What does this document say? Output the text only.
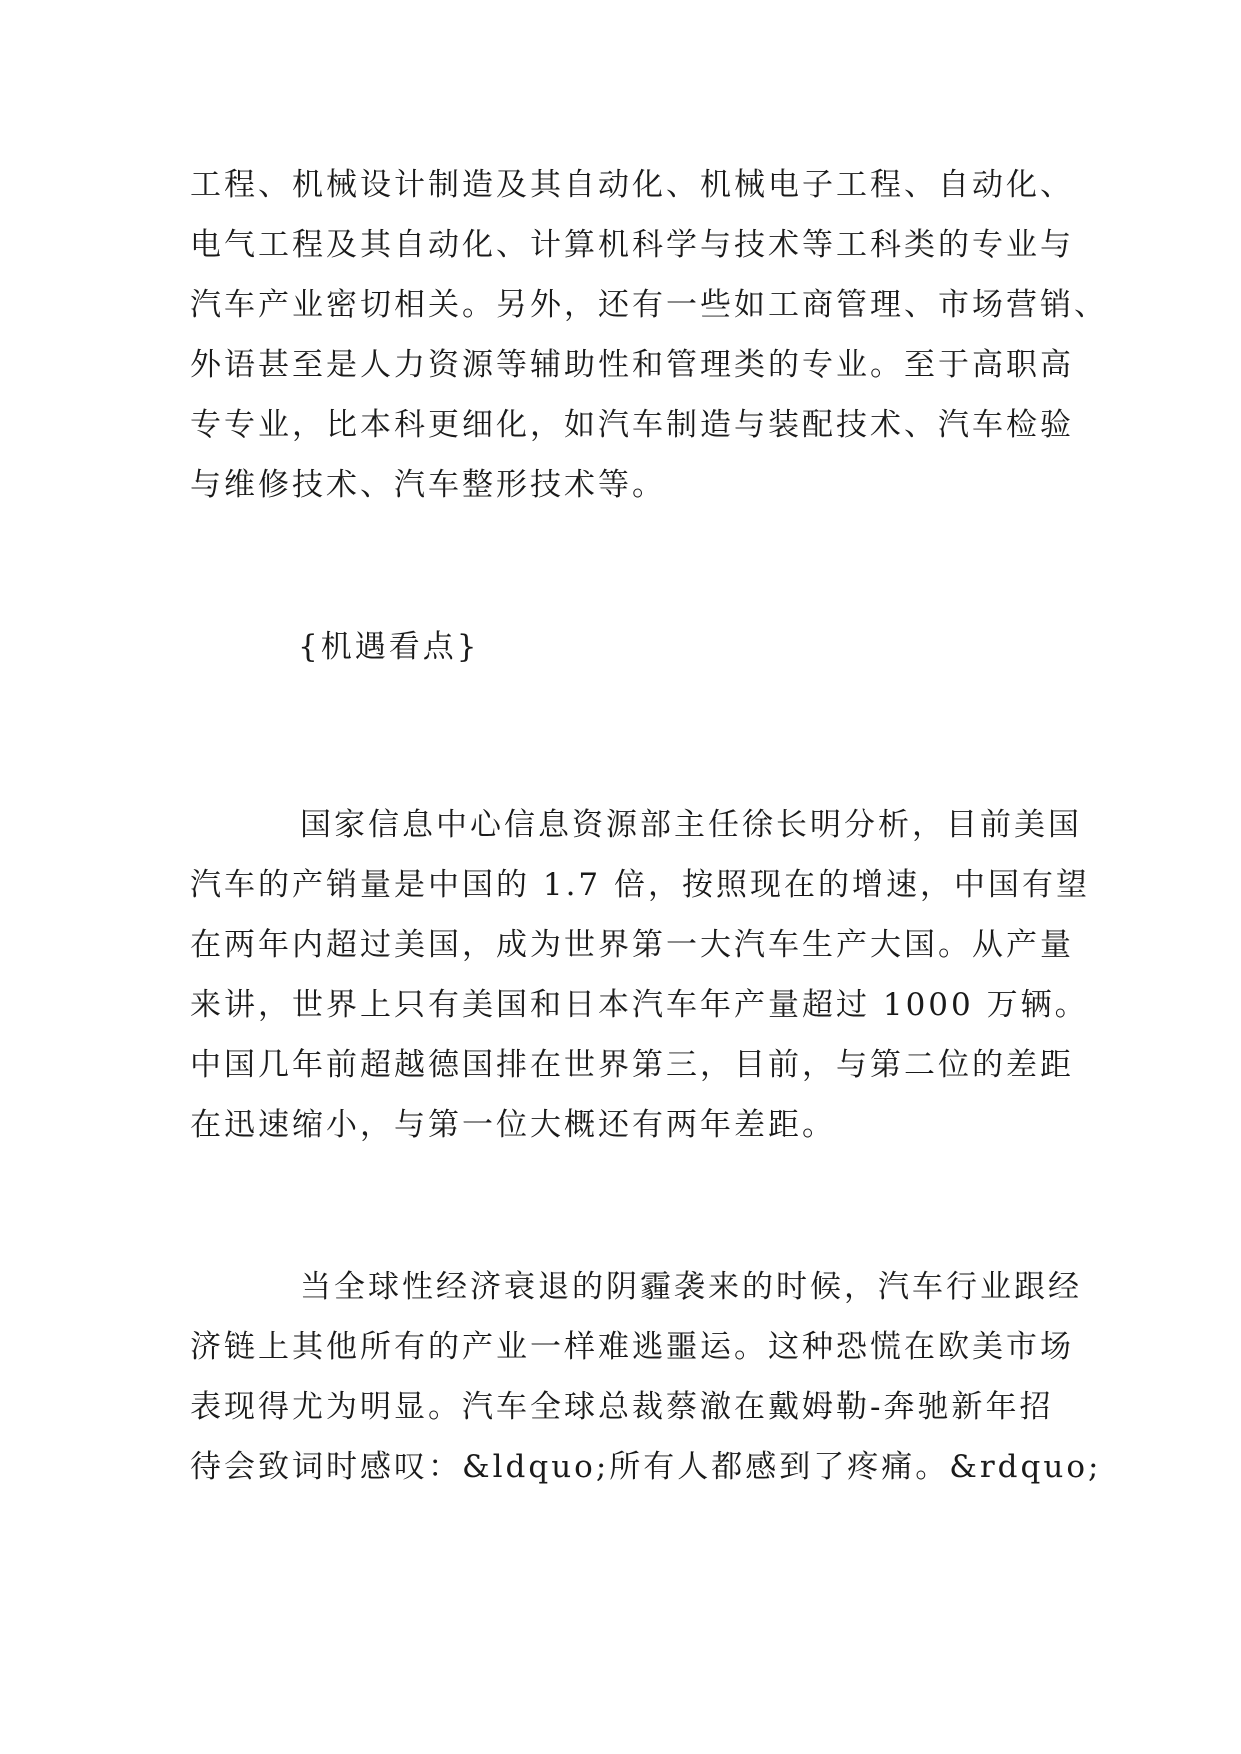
工程、机械设计制造及其自动化、机械电子工程、自动化、
电气工程及其自动化、计算机科学与技术等工科类的专业与
汽车产业密切相关。另外，还有一些如工商管理、市场营销、
外语甚至是人力资源等辅助性和管理类的专业。至于高职高
专专业，比本科更细化，如汽车制造与装配技术、汽车检验
与维修技术、汽车整形技术等。
{机遇看点}
国家信息中心信息资源部主任徐长明分析，目前美国
汽车的产销量是中国的 1.7 倍，按照现在的增速，中国有望
在两年内超过美国，成为世界第一大汽车生产大国。从产量
来讲，世界上只有美国和日本汽车年产量超过 1000 万辆。
中国几年前超越德国排在世界第三，目前，与第二位的差距
在迅速缩小，与第一位大概还有两年差距。
当全球性经济衰退的阴霾袭来的时候，汽车行业跟经
济链上其他所有的产业一样难逃噩运。这种恐慌在欧美市场
表现得尤为明显。汽车全球总裁蔡澈在戴姆勒-奔驰新年招
待会致词时感叹：&ldquo;所有人都感到了疼痛。&rdquo;
